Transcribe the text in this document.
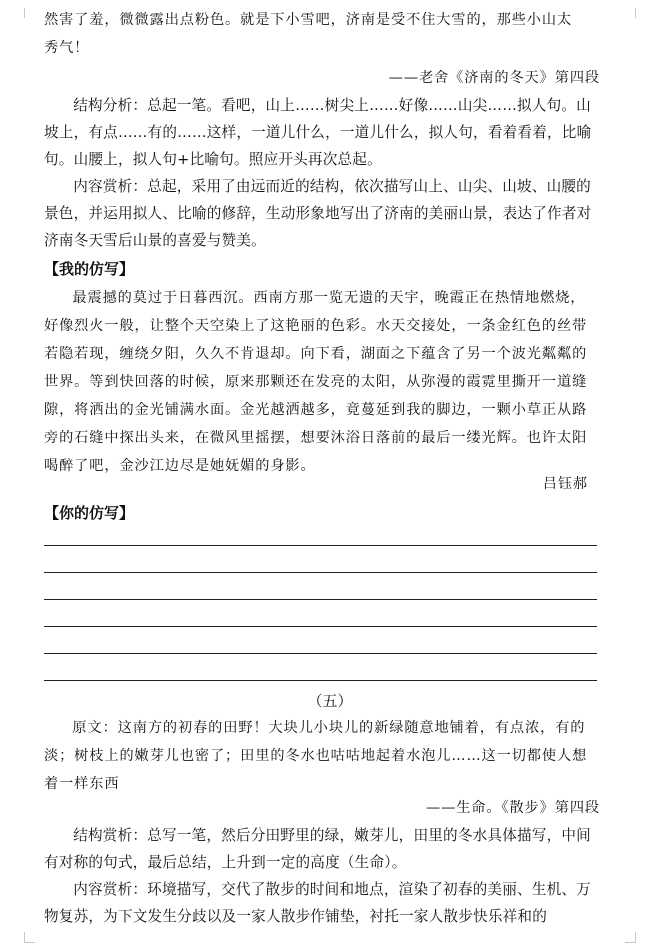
然害了羞，微微露出点粉色。就是下小雪吧，济南是受不住大雪的，那些小山太

秀气！

——老舍《济南的冬天》第四段

结构分析：总起一笔。看吧，山上……树尖上……好像……山尖……拟人句。山坡上，有点……有的……这样，一道儿什么，一道儿什么，拟人句，看着看着，比喻句。山腰上，拟人句+比喻句。照应开头再次总起。

内容赏析：总起，采用了由远而近的结构，依次描写山上、山尖、山坡、山腰的景色，并运用拟人、比喻的修辞，生动形象地写出了济南的美丽山景，表达了作者对济南冬天雪后山景的喜爱与赞美。

【我的仿写】

最震撼的莫过于日暮西沉。西南方那一览无遗的天宇，晚霞正在热情地燃烧，好像烈火一般，让整个天空染上了这艳丽的色彩。水天交接处，一条金红色的丝带若隐若现，缠绕夕阳，久久不肯退却。向下看，湖面之下蕴含了另一个波光粼粼的世界。等到快回落的时候，原来那颗还在发亮的太阳，从弥漫的霞霓里撕开一道缝隙，将洒出的金光铺满水面。金光越洒越多，竟蔓延到我的脚边，一颗小草正从路旁的石缝中探出头来，在微风里摇摆，想要沐浴日落前的最后一缕光辉。也许太阳喝醉了吧，金沙江边尽是她妩媚的身影。

吕钰郝

【你的仿写】
（五）

原文：这南方的初春的田野！大块儿小块儿的新绿随意地铺着，有点浓，有的淡；树枝上的嫩芽儿也密了；田里的冬水也咕咕地起着水泡儿……这一切都使人想着一样东西

——生命。《散步》第四段

结构赏析：总写一笔，然后分田野里的绿，嫩芽儿，田里的冬水具体描写，中间有对称的句式，最后总结，上升到一定的高度（生命）。

内容赏析：环境描写，交代了散步的时间和地点，渲染了初春的美丽、生机、万物复苏，为下文发生分歧以及一家人散步作铺垫，衬托一家人散步快乐祥和的
